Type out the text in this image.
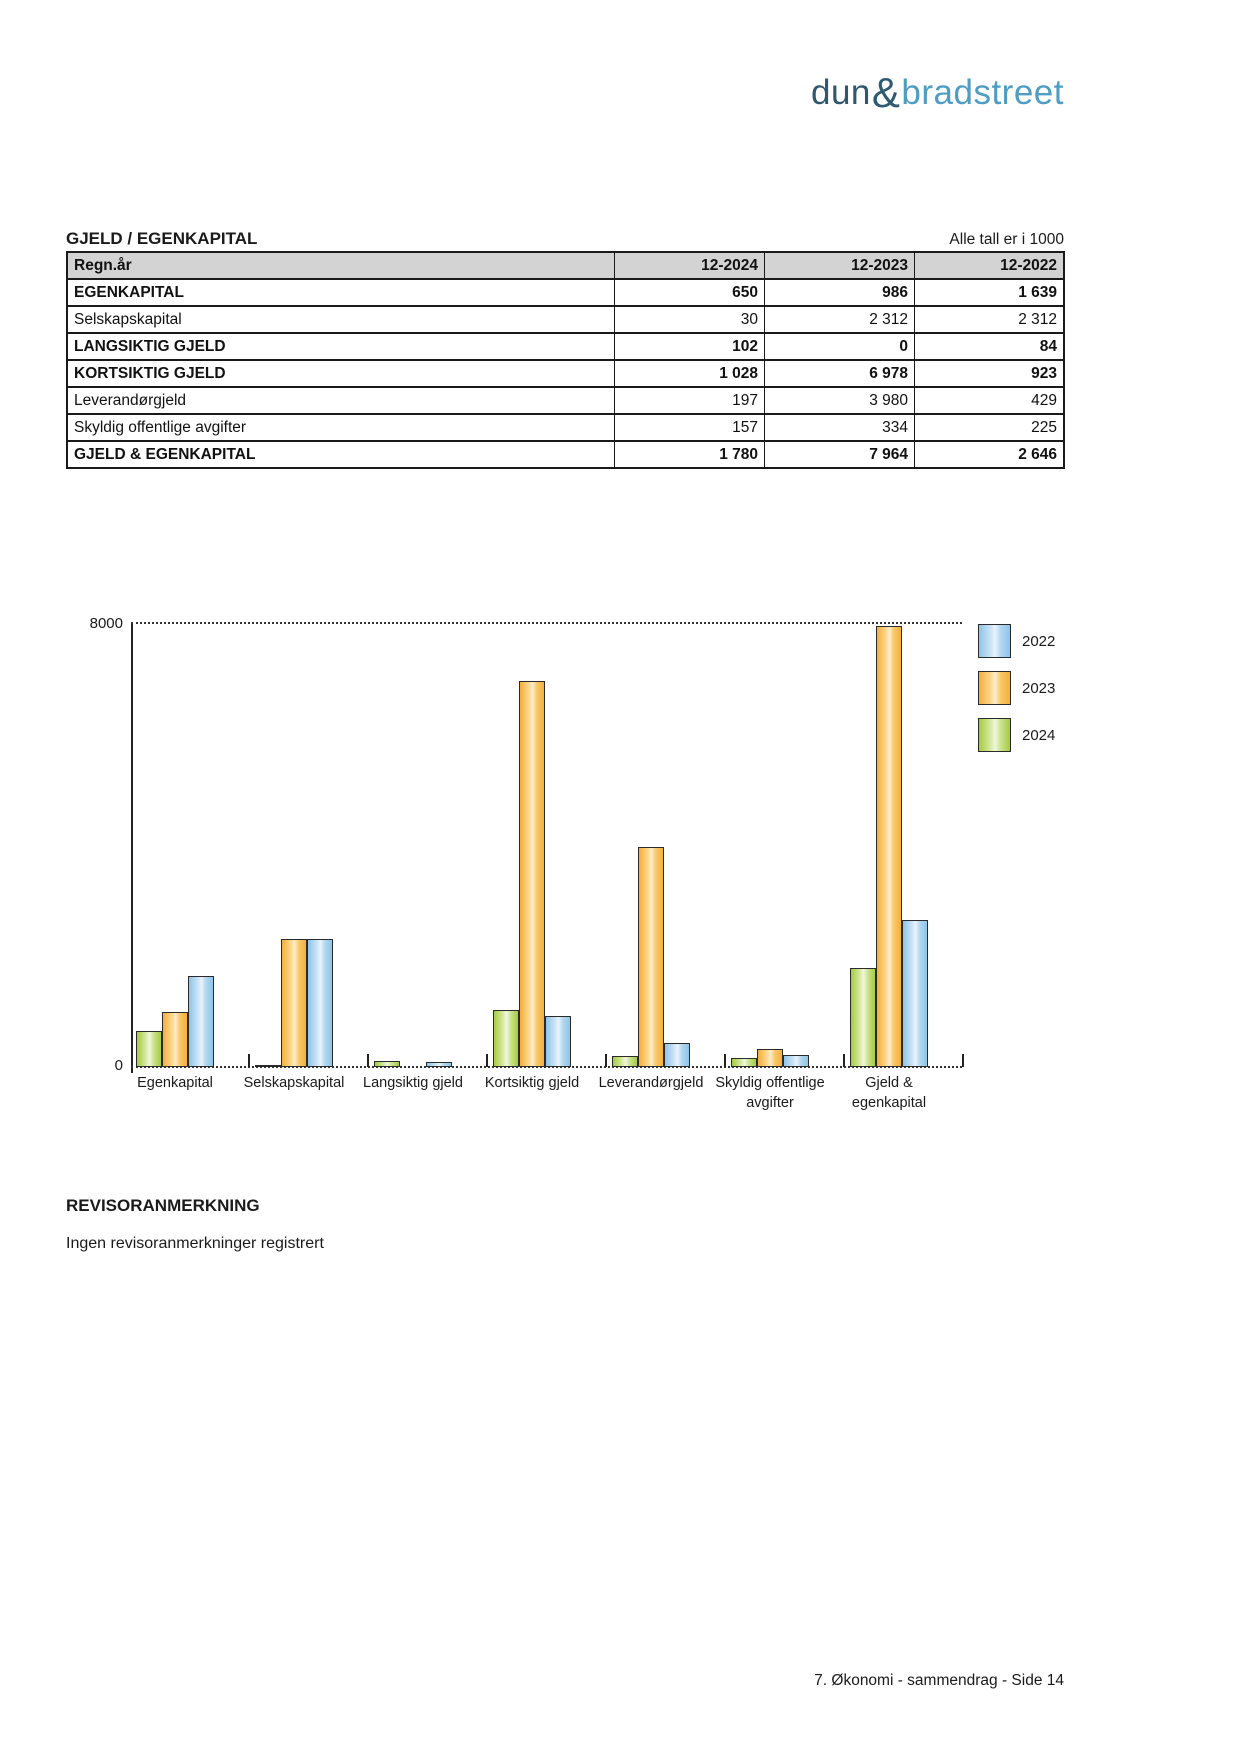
dun&bradstreet
GJELD / EGENKAPITAL	Alle tall er i 1000
Regn.år	12-2024	12-2023	12-2022
EGENKAPITAL	650	986	1 639
Selskapskapital	30	2 312	2 312
LANGSIKTIG GJELD	102	0	84
KORTSIKTIG GJELD	1 028	6 978	923
Leverandørgjeld	197	3 980	429
Skyldig offentlige avgifter	157	334	225
GJELD & EGENKAPITAL	1 780	7 964	2 646
8000
0
Egenkapital	Selskapskapital	Langsiktig gjeld	Kortsiktig gjeld	Leverandørgjeld Skyldig offentlige
avgifter
Gjeld &
egenkapital
2022
2023
2024
REVISORANMERKNING
Ingen revisoranmerkninger registrert
7. Økonomi - sammendrag - Side 14
